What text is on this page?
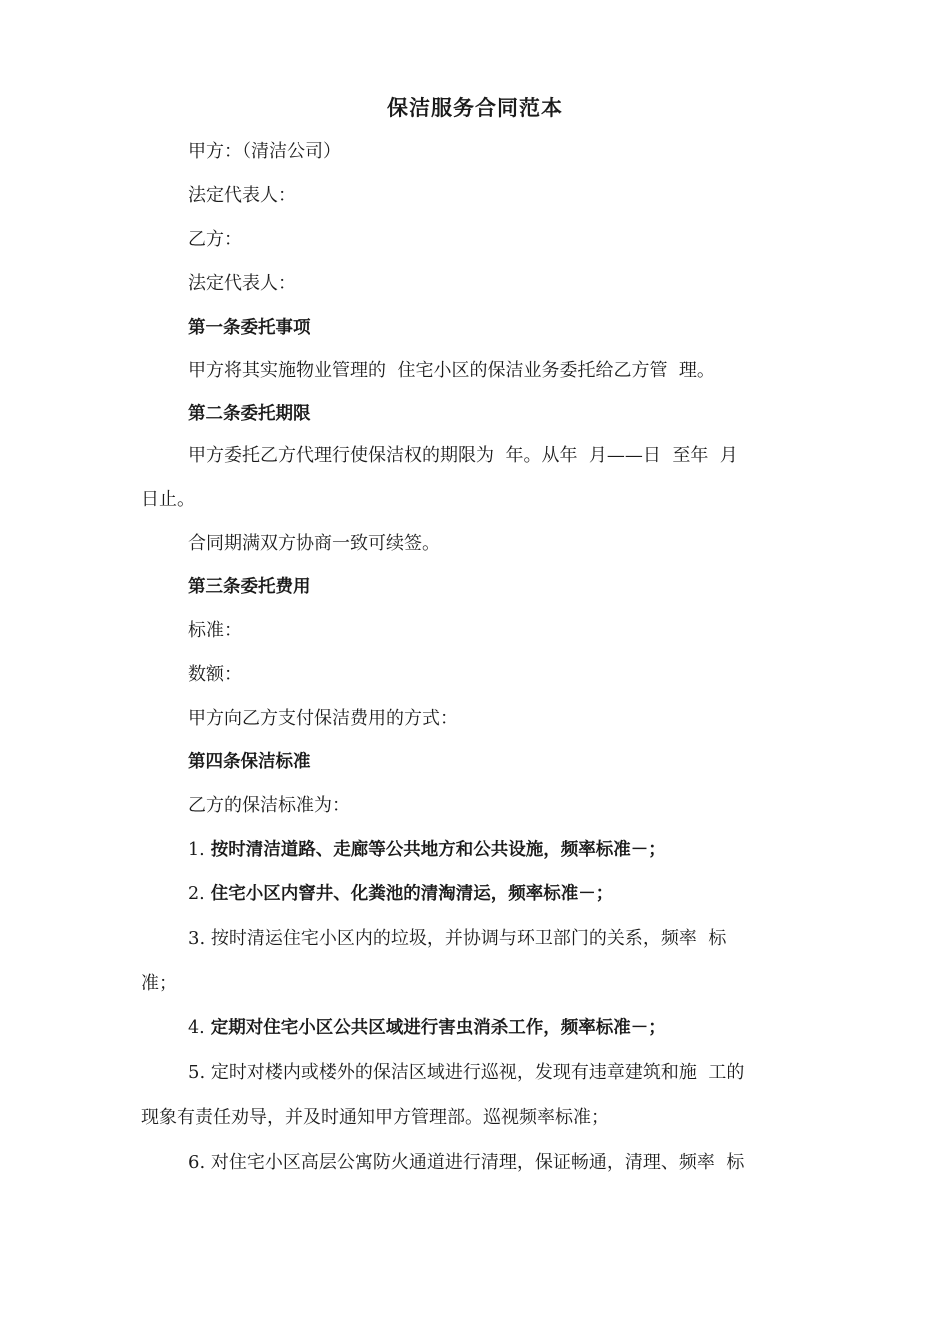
保洁服务合同范本
甲方：（清洁公司）
法定代表人：
乙方：
法定代表人：
第一条委托事项
甲方将其实施物业管理的  住宅小区的保洁业务委托给乙方管  理。
第二条委托期限
甲方委托乙方代理行使保洁权的期限为  年。从年  月——日  至年  月
日止。
合同期满双方协商一致可续签。
第三条委托费用
标准：
数额：
甲方向乙方支付保洁费用的方式：
第四条保洁标准
乙方的保洁标准为：
1. 按时清洁道路、走廊等公共地方和公共设施，频率标准－；
2. 住宅小区内窨井、化粪池的清淘清运，频率标准－；
3. 按时清运住宅小区内的垃圾，并协调与环卫部门的关系，频率  标
准；
4. 定期对住宅小区公共区域进行害虫消杀工作，频率标准－；
5. 定时对楼内或楼外的保洁区域进行巡视，发现有违章建筑和施  工的
现象有责任劝导，并及时通知甲方管理部。巡视频率标准；
6. 对住宅小区高层公寓防火通道进行清理，保证畅通，清理、频率  标
